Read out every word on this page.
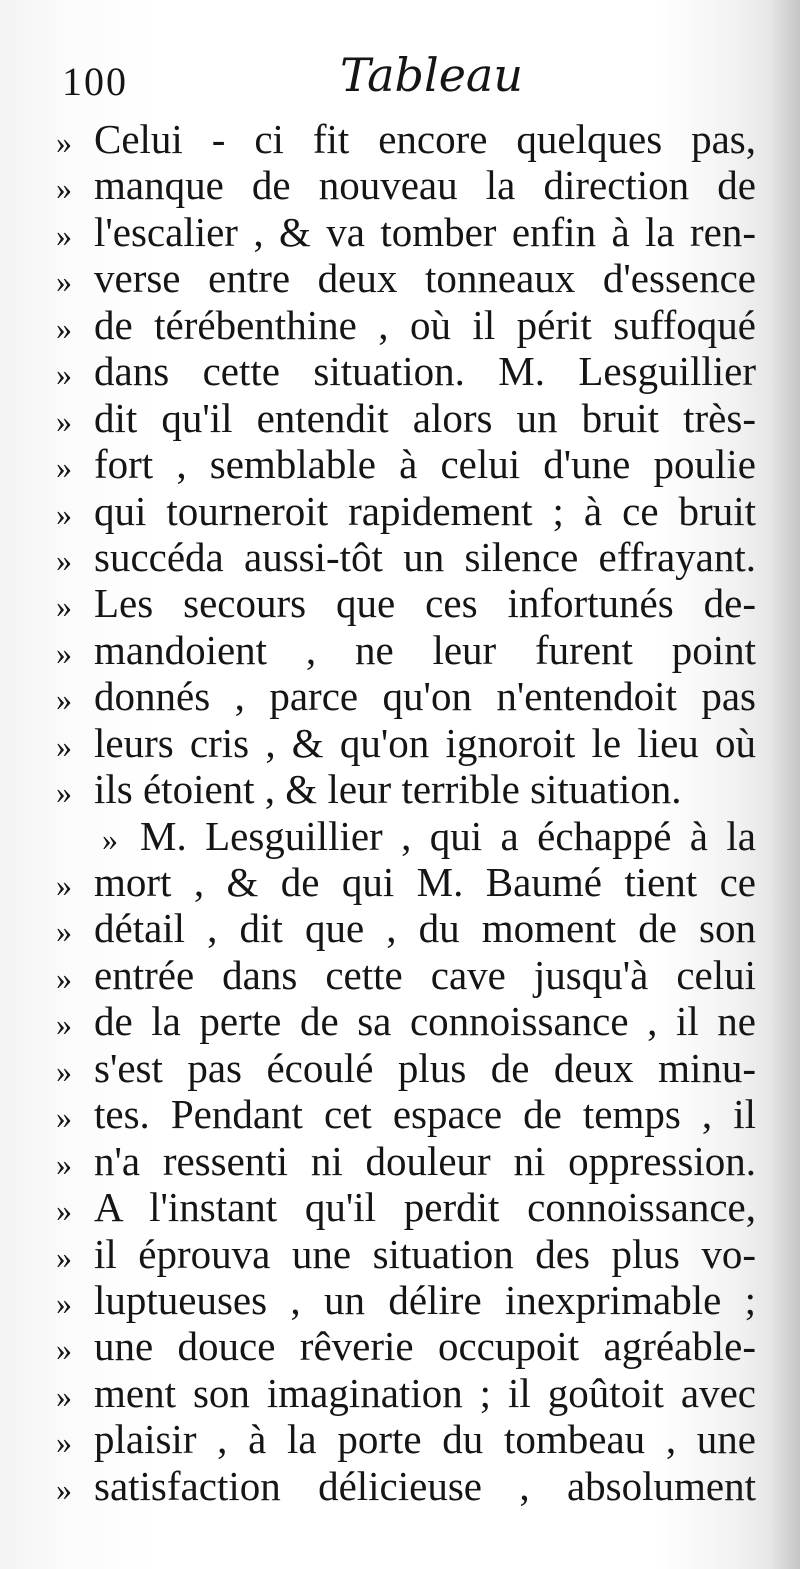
100	Tableau
» Celui - ci fit encore quelques pas,
» manque de nouveau la direction de
» l'escalier , & va tomber enfin à la ren-
» verse entre deux tonneaux d'essence
» de térébenthine , où il périt suffoqué
» dans cette situation. M. Lesguillier
» dit qu'il entendit alors un bruit très-
» fort , semblable à celui d'une poulie
» qui tourneroit rapidement ; à ce bruit
» succéda aussi-tôt un silence effrayant.
» Les secours que ces infortunés de-
» mandoient , ne leur furent point
» donnés , parce qu'on n'entendoit pas
» leurs cris , & qu'on ignoroit le lieu où
» ils étoient , & leur terrible situation.
» M. Lesguillier , qui a échappé à la
» mort , & de qui M. Baumé tient ce
» détail , dit que , du moment de son
» entrée dans cette cave jusqu'à celui
» de la perte de sa connoissance , il ne
» s'est pas écoulé plus de deux minu-
» tes. Pendant cet espace de temps , il
» n'a ressenti ni douleur ni oppression.
» A l'instant qu'il perdit connoissance,
» il éprouva une situation des plus vo-
» luptueuses , un délire inexprimable ;
» une douce rêverie occupoit agréable-
» ment son imagination ; il goûtoit avec
» plaisir , à la porte du tombeau , une
» satisfaction délicieuse , absolument
